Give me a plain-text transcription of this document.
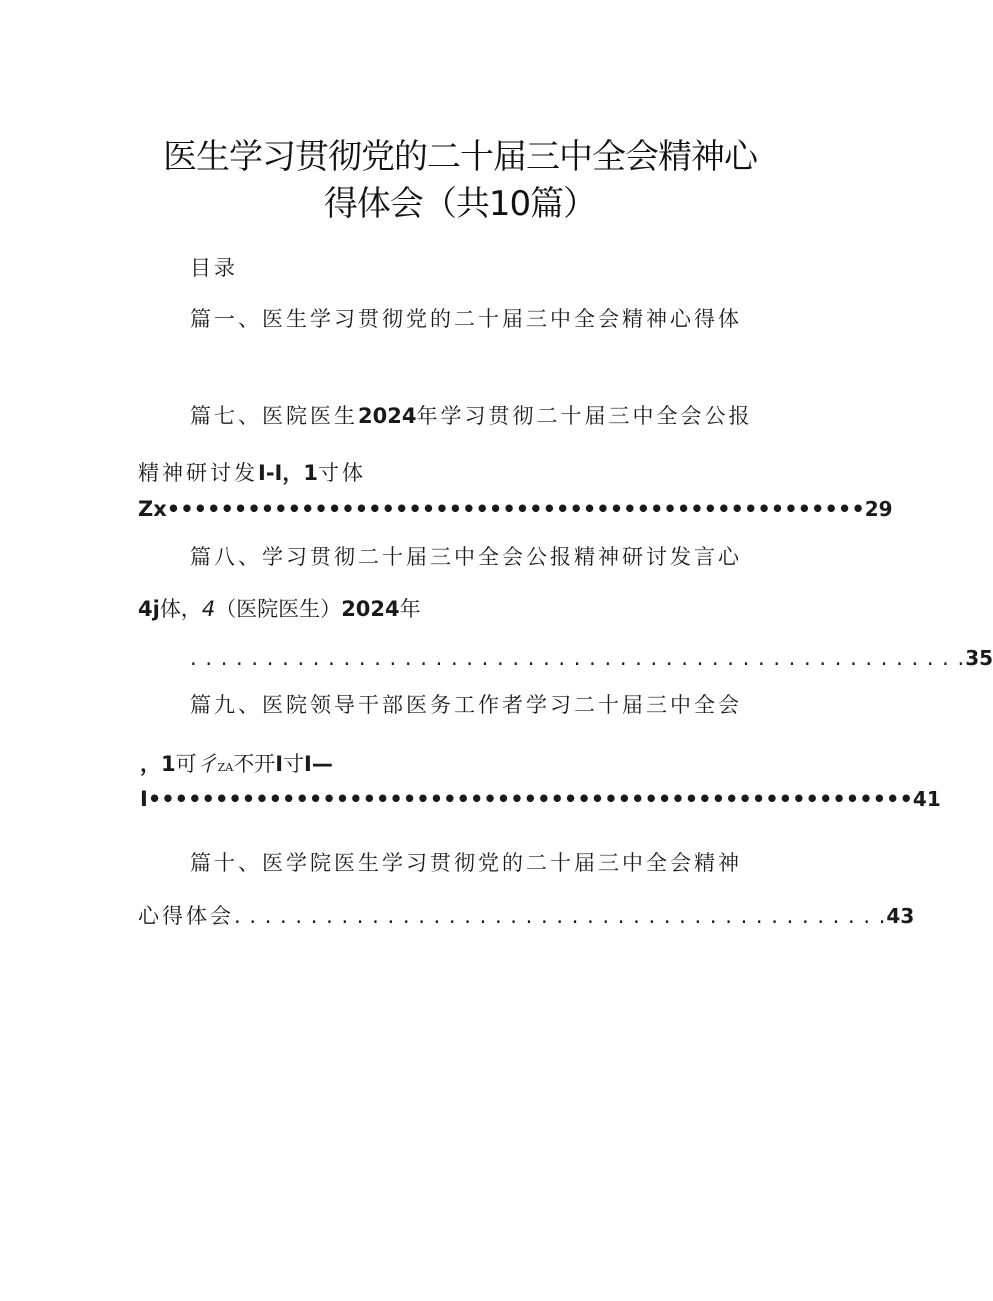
医生学习贯彻党的二十届三中全会精神心
得体会（共10篇）
目录
篇一、医生学习贯彻党的二十届三中全会精神心得体
篇七、医院医生2024年学习贯彻二十届三中全会公报
精神研讨发I-I，1寸体
Zx••••••••••••••••••••••••••••••••••••••••••••••••••••29
篇八、学习贯彻二十届三中全会公报精神研讨发言心
4j体，4（医院医生）2024年
. . . . . . . . . . . . . . . . . . . . . . . . . . . . . . . . . . . . . . . . . . . . . . . . . . .35
篇九、医院领导干部医务工作者学习二十届三中全会
，1可彳ZA不开I寸I—
I•••••••••••••••••••••••••••••••••••••••••••••••••••••••••41
篇十、医学院医生学习贯彻党的二十届三中全会精神
心得体会. . . . . . . . . . . . . . . . . . . . . . . . . . . . . . . . . . . . . . . . . . .43
